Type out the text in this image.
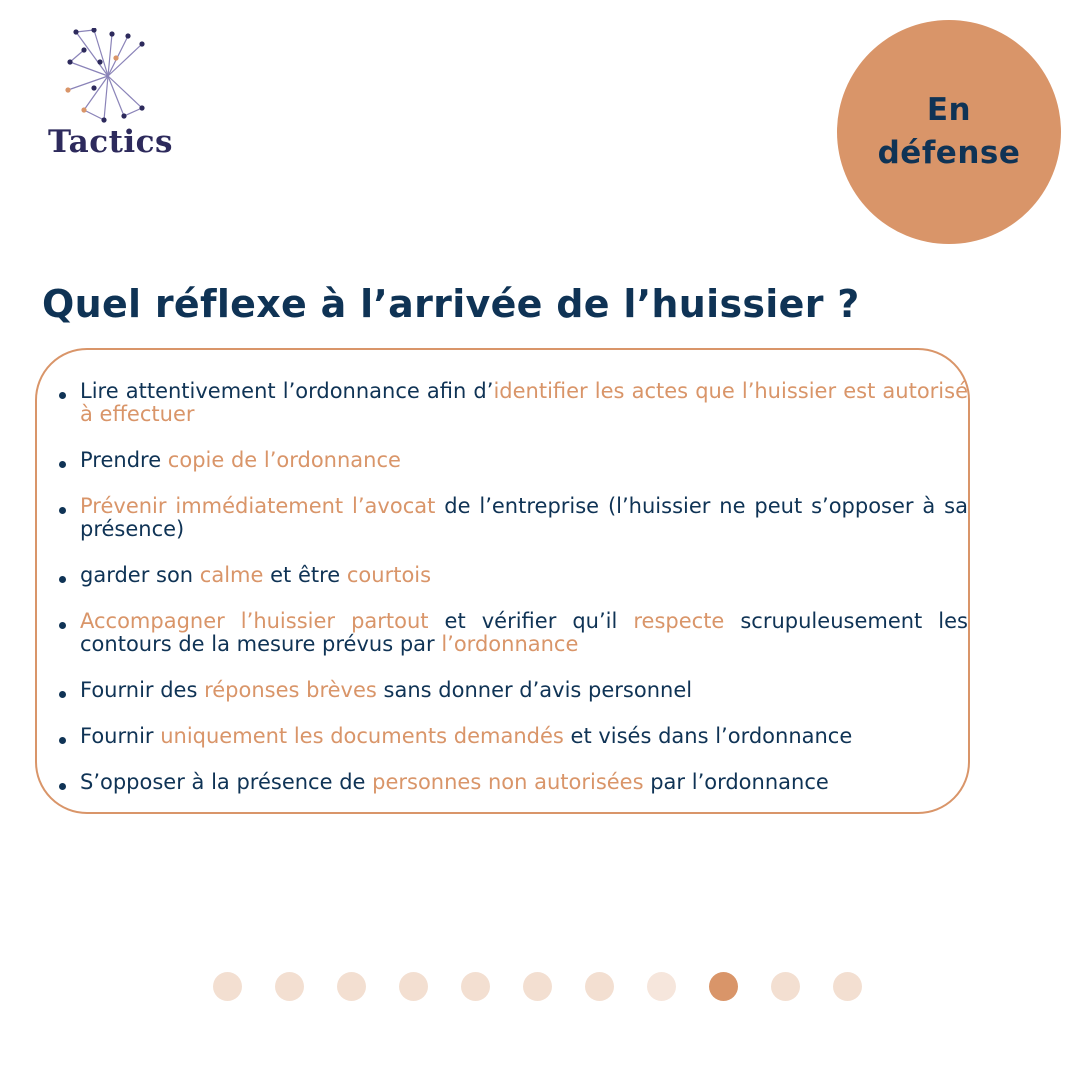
Tactics
En défense
Quel réflexe à l’arrivée de l’huissier ?
Lire attentivement l’ordonnance afin d’identifier les actes que l’huissier est autorisé à effectuer
Prendre copie de l’ordonnance
Prévenir immédiatement l’avocat de l’entreprise (l’huissier ne peut s’opposer à sa présence)
garder son calme et être courtois
Accompagner l’huissier partout et vérifier qu’il respecte scrupuleusement les contours de la mesure prévus par l’ordonnance
Fournir des réponses brèves sans donner d’avis personnel
Fournir uniquement les documents demandés et visés dans l’ordonnance
S’opposer à la présence de personnes non autorisées par l’ordonnance
